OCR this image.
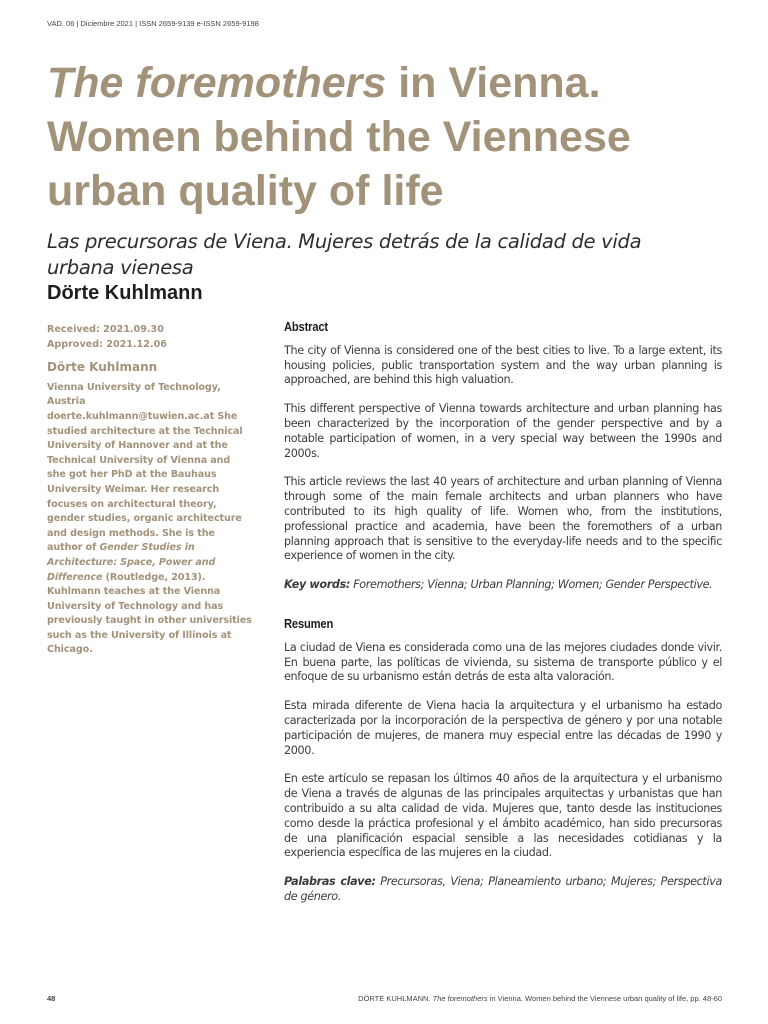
VAD. 06 | Diciembre 2021 | ISSN 2659-9139 e-ISSN 2659-9198
The foremothers in Vienna.
Women behind the Viennese
urban quality of life
Las precursoras de Viena. Mujeres detrás de la calidad de vida
urbana vienesa
Dörte Kuhlmann
Received: 2021.09.30
Approved: 2021.12.06
Dörte Kuhlmann

Vienna University of Technology, Austria doerte.kuhlmann@tuwien.ac.at She studied architecture at the Technical University of Hannover and at the Technical University of Vienna and she got her PhD at the Bauhaus University Weimar. Her research focuses on architectural theory, gender studies, organic architecture and design methods. She is the author of Gender Studies in Architecture: Space, Power and Difference (Routledge, 2013). Kuhlmann teaches at the Vienna University of Technology and has previously taught in other universities such as the University of Illinois at Chicago.

Abstract

The city of Vienna is considered one of the best cities to live. To a large extent, its housing policies, public transportation system and the way urban planning is approached, are behind this high valuation.

This different perspective of Vienna towards architecture and urban planning has been characterized by the incorporation of the gender perspective and by a notable participation of women, in a very special way between the 1990s and 2000s.

This article reviews the last 40 years of architecture and urban planning of Vienna through some of the main female architects and urban planners who have contributed to its high quality of life. Women who, from the institutions, professional practice and academia, have been the foremothers of a urban planning approach that is sensitive to the everyday-life needs and to the specific experience of women in the city.

Key words: Foremothers; Vienna; Urban Planning; Women; Gender Perspective.

Resumen

La ciudad de Viena es considerada como una de las mejores ciudades donde vivir. En buena parte, las políticas de vivienda, su sistema de transporte público y el enfoque de su urbanismo están detrás de esta alta valoración.

Esta mirada diferente de Viena hacia la arquitectura y el urbanismo ha estado caracterizada por la incorporación de la perspectiva de género y por una notable participación de mujeres, de manera muy especial entre las décadas de 1990 y 2000.

En este artículo se repasan los últimos 40 años de la arquitectura y el urbanismo de Viena a través de algunas de las principales arquitectas y urbanistas que han contribuido a su alta calidad de vida. Mujeres que, tanto desde las instituciones como desde la práctica profesional y el ámbito académico, han sido precursoras de una planificación espacial sensible a las necesidades cotidianas y la experiencia específica de las mujeres en la ciudad.

Palabras clave: Precursoras, Viena; Planeamiento urbano; Mujeres; Perspectiva de género.

48	DÖRTE KUHLMANN. The foremothers in Vienna. Women behind the Viennese urban quality of life, pp. 48-60
